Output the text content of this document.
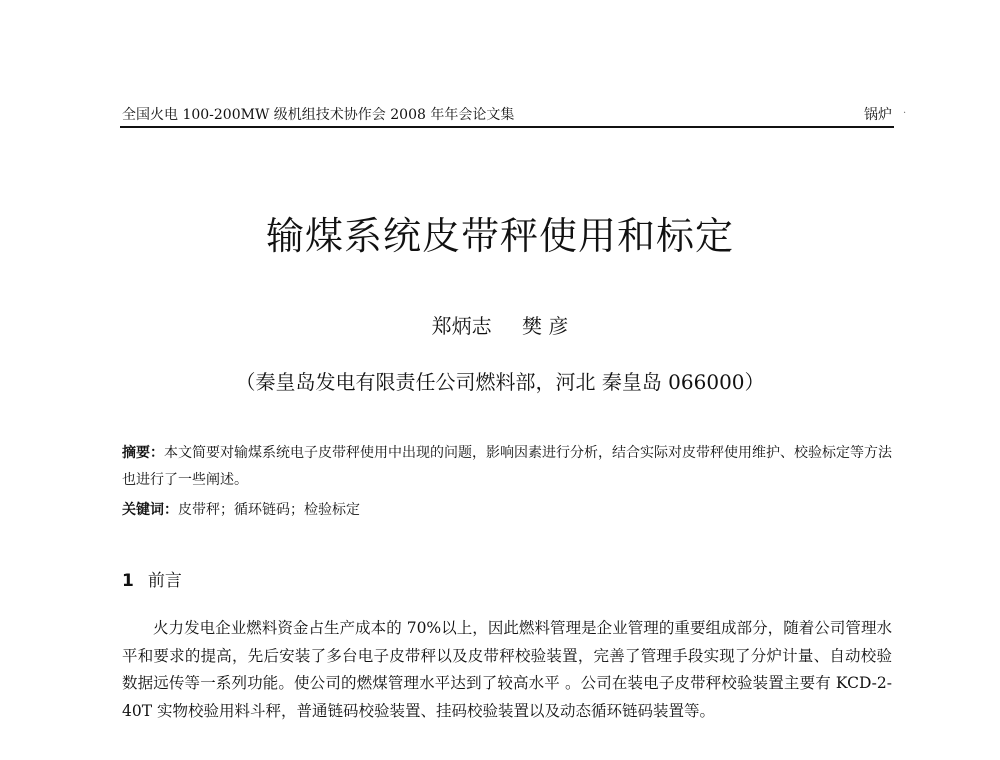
全国火电 100-200MW 级机组技术协作会 2008 年年会论文集	锅炉 ·
输煤系统皮带秤使用和标定
郑炳志 樊 彦
（秦皇岛发电有限责任公司燃料部，河北 秦皇岛 066000）
摘要：本文简要对输煤系统电子皮带秤使用中出现的问题，影响因素进行分析，结合实际对皮带秤使用维护、校验标定等方法也进行了一些阐述。
关键词：皮带秤；循环链码；检验标定
1 前言
火力发电企业燃料资金占生产成本的 70%以上，因此燃料管理是企业管理的重要组成部分，随着公司管理水平和要求的提高，先后安装了多台电子皮带秤以及皮带秤校验装置，完善了管理手段实现了分炉计量、自动校验数据远传等一系列功能。使公司的燃煤管理水平达到了较高水平 。公司在装电子皮带秤校验装置主要有 KCD-2-40T 实物校验用料斗秤，普通链码校验装置、挂码校验装置以及动态循环链码装置等。
